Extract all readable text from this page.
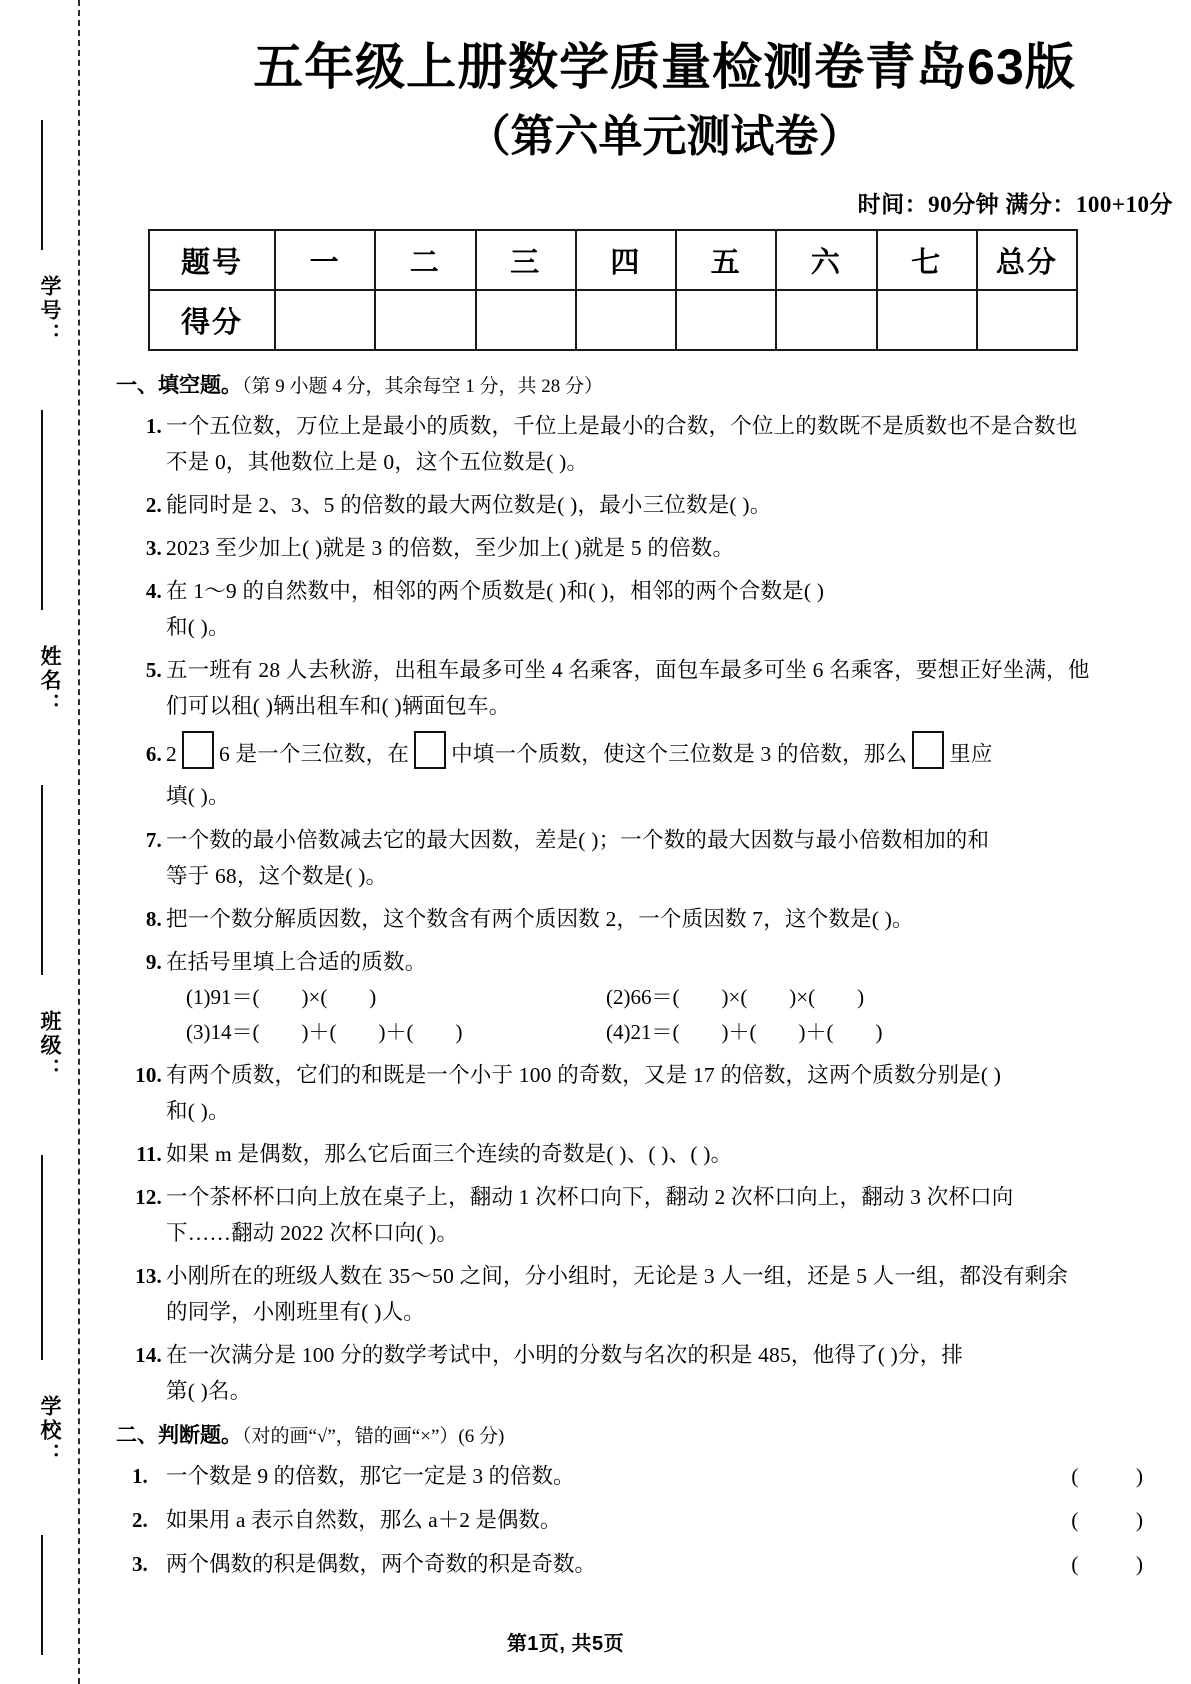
学号：
姓名：
班级：
学校：
五年级上册数学质量检测卷青岛63版
（第六单元测试卷）
时间：90分钟 满分：100+10分
题号	一	二	三	四	五	六	七	总分
得分								
一、填空题。（第 9 小题 4 分，其余每空 1 分，共 28 分）
1. 一个五位数，万位上是最小的质数，千位上是最小的合数，个位上的数既不是质数也不是合数也
不是 0，其他数位上是 0，这个五位数是( )。
2. 能同时是 2、3、5 的倍数的最大两位数是( )，最小三位数是( )。
3. 2023 至少加上( )就是 3 的倍数，至少加上( )就是 5 的倍数。
4. 在 1～9 的自然数中，相邻的两个质数是( )和( )，相邻的两个合数是( )
和( )。
5. 五一班有 28 人去秋游，出租车最多可坐 4 名乘客，面包车最多可坐 6 名乘客，要想正好坐满，他
们可以租( )辆出租车和( )辆面包车。
6. 2 6 是一个三位数，在 中填一个质数，使这个三位数是 3 的倍数，那么 里应
填( )。
7. 一个数的最小倍数减去它的最大因数，差是( )；一个数的最大因数与最小倍数相加的和
等于 68，这个数是( )。
8. 把一个数分解质因数，这个数含有两个质因数 2，一个质因数 7，这个数是( )。
9. 在括号里填上合适的质数。
(1)91＝(        )×(        )	(2)66＝(        )×(        )×(        )
(3)14＝(        )＋(        )＋(        )	(4)21＝(        )＋(        )＋(        )
10. 有两个质数，它们的和既是一个小于 100 的奇数，又是 17 的倍数，这两个质数分别是( )
和( )。
11. 如果 m 是偶数，那么它后面三个连续的奇数是( )、( )、( )。
12. 一个茶杯杯口向上放在桌子上，翻动 1 次杯口向下，翻动 2 次杯口向上，翻动 3 次杯口向
下……翻动 2022 次杯口向( )。
13. 小刚所在的班级人数在 35～50 之间，分小组时，无论是 3 人一组，还是 5 人一组，都没有剩余
的同学，小刚班里有( )人。
14. 在一次满分是 100 分的数学考试中，小明的分数与名次的积是 485，他得了( )分，排
第( )名。
二、判断题。（对的画“√”，错的画“×”）(6 分)
1. 一个数是 9 的倍数，那它一定是 3 的倍数。	( )
2. 如果用 a 表示自然数，那么 a＋2 是偶数。	( )
3. 两个偶数的积是偶数，两个奇数的积是奇数。	( )
第1页, 共5页
